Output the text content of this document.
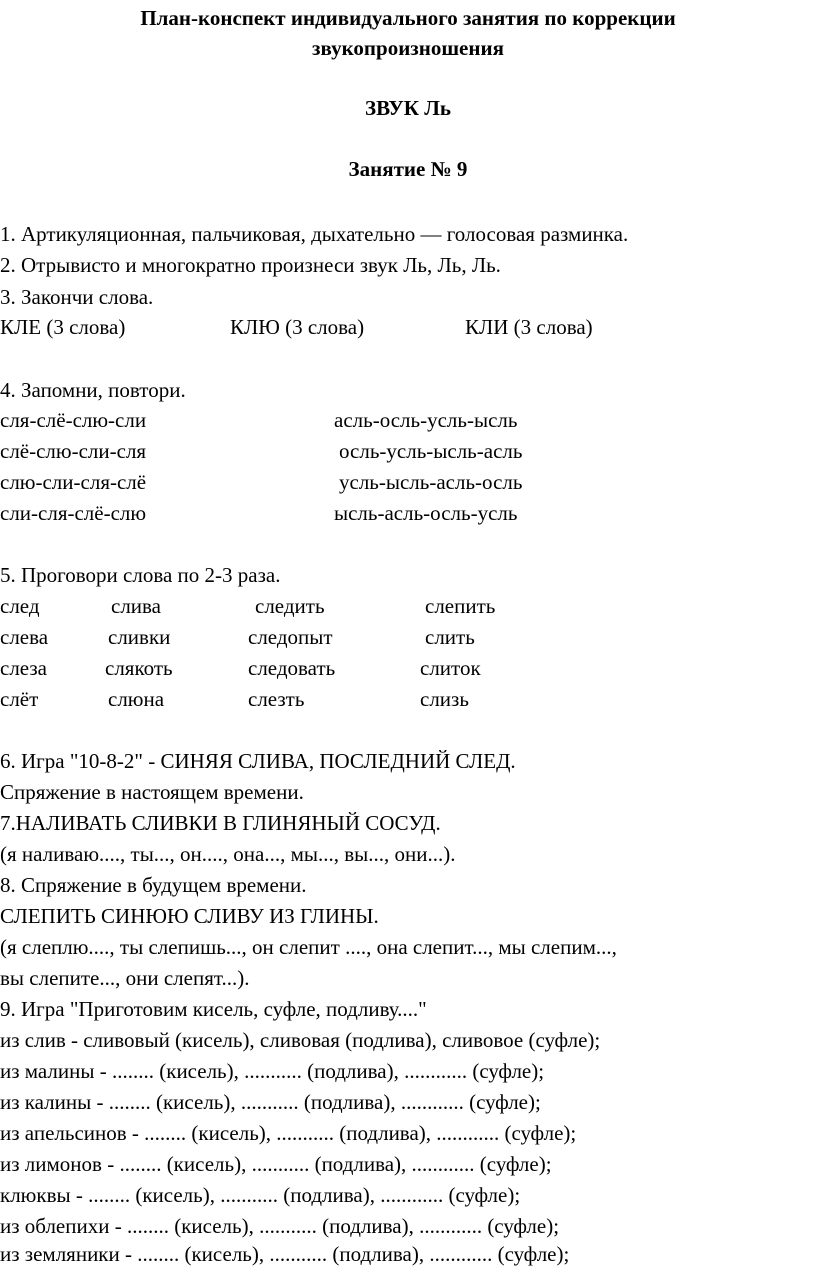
План-конспект индивидуального занятия по коррекции
звукопроизношения
ЗВУК Ль
Занятие № 9
1. Артикуляционная, пальчиковая, дыхательно — голосовая разминка.
2. Отрывисто и многократно произнеси звук Ль, Ль, Ль.
3. Закончи слова.
КЛЕ (3 слова)	КЛЮ (3 слова)	КЛИ (3 слова)
4. Запомни, повтори.
сля-слё-слю-сли	асль-осль-усль-ысль
слё-слю-сли-сля	осль-усль-ысль-асль
слю-сли-сля-слё	усль-ысль-асль-осль
сли-сля-слё-слю	ысль-асль-осль-усль
5. Проговори слова по 2-3 раза.
след	слива	следить	слепить
слева	сливки	следопыт	слить
слеза	слякоть	следовать	слиток
слёт	слюна	слезть	слизь
6. Игра "10-8-2" - СИНЯЯ СЛИВА, ПОСЛЕДНИЙ СЛЕД.
Спряжение в настоящем времени.
7.НАЛИВАТЬ СЛИВКИ В ГЛИНЯНЫЙ СОСУД.
(я наливаю...., ты..., он...., она..., мы..., вы..., они...).
8. Спряжение в будущем времени.
СЛЕПИТЬ СИНЮЮ СЛИВУ ИЗ ГЛИНЫ.
(я слеплю...., ты слепишь..., он слепит ...., она слепит..., мы слепим...,
вы слепите..., они слепят...).
9. Игра "Приготовим кисель, суфле, подливу...."
из слив - сливовый (кисель), сливовая (подлива), сливовое (суфле);
из малины - ........ (кисель), ........... (подлива), ............ (суфле);
из калины - ........ (кисель), ........... (подлива), ............ (суфле);
из апельсинов - ........ (кисель), ........... (подлива), ............ (суфле);
из лимонов - ........ (кисель), ........... (подлива), ............ (суфле);
клюквы - ........ (кисель), ........... (подлива), ............ (суфле);
из облепихи - ........ (кисель), ........... (подлива), ............ (суфле);
из земляники - ........ (кисель), ........... (подлива), ............ (суфле);
